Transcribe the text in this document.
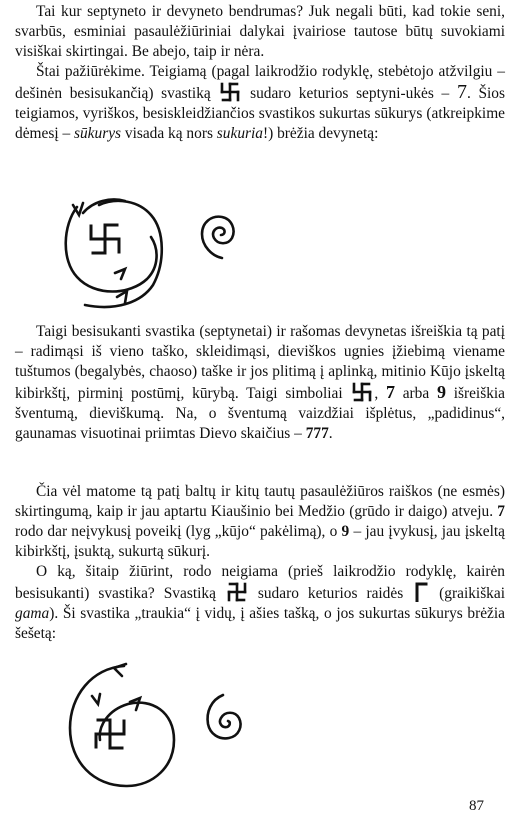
Tai kur septyneto ir devyneto bendrumas? Juk negali būti, kad tokie seni, svarbūs, esminiai pasaulėžiūriniai dalykai įvairiose tautose būtų suvokiami visiškai skirtingai. Be abejo, taip ir nėra.

Štai pažiūrėkime. Teigiamą (pagal laikrodžio rodyklę, stebėtojo atžvilgiu – dešinėn besisukančią) svastiką	sudaro keturios septyni-ukės – 7. Šios teigiamos, vyriškos, besiskleidžiančios svastikos sukurtas sūkurys (atkreipkime dėmesį – sūkurys visada ką nors sukuria!) brėžia devynetą:

Taigi besisukanti svastika (septynetai) ir rašomas devynetas išreiškia tą patį – radimąsi iš vieno taško, skleidimąsi, dieviškos ugnies įžiebimą viename tuštumos (begalybės, chaoso) taške ir jos plitimą į aplinką, mitinio Kūjo įskeltą kibirkštį, pirminį postūmį, kūrybą. Taigi simboliai , 7 arba 9 išreiškia šventumą, dieviškumą. Na, o šventumą vaizdžiai išplėtus, „padidinus“, gaunamas visuotinai priimtas Dievo skaičius – 777.

Čia vėl matome tą patį baltų ir kitų tautų pasaulėžiūros raiškos (ne esmės) skirtingumą, kaip ir jau aptartu Kiaušinio bei Medžio (grūdo ir daigo) atveju. 7 rodo dar neįvykusį poveikį (lyg „kūjo“ pakėlimą), o 9 – jau įvykusį, jau įskeltą kibirkštį, įsuktą, sukurtą sūkurį.

O ką, šitaip žiūrint, rodo neigiama (prieš laikrodžio rodyklę, kairėn besisukanti) svastika? Svastiką	sudaro keturios raidės (graikiškai gama). Ši svastika „traukia“ į vidų, į ašies tašką, o jos sukurtas sūkurys brėžia šešetą:

87
